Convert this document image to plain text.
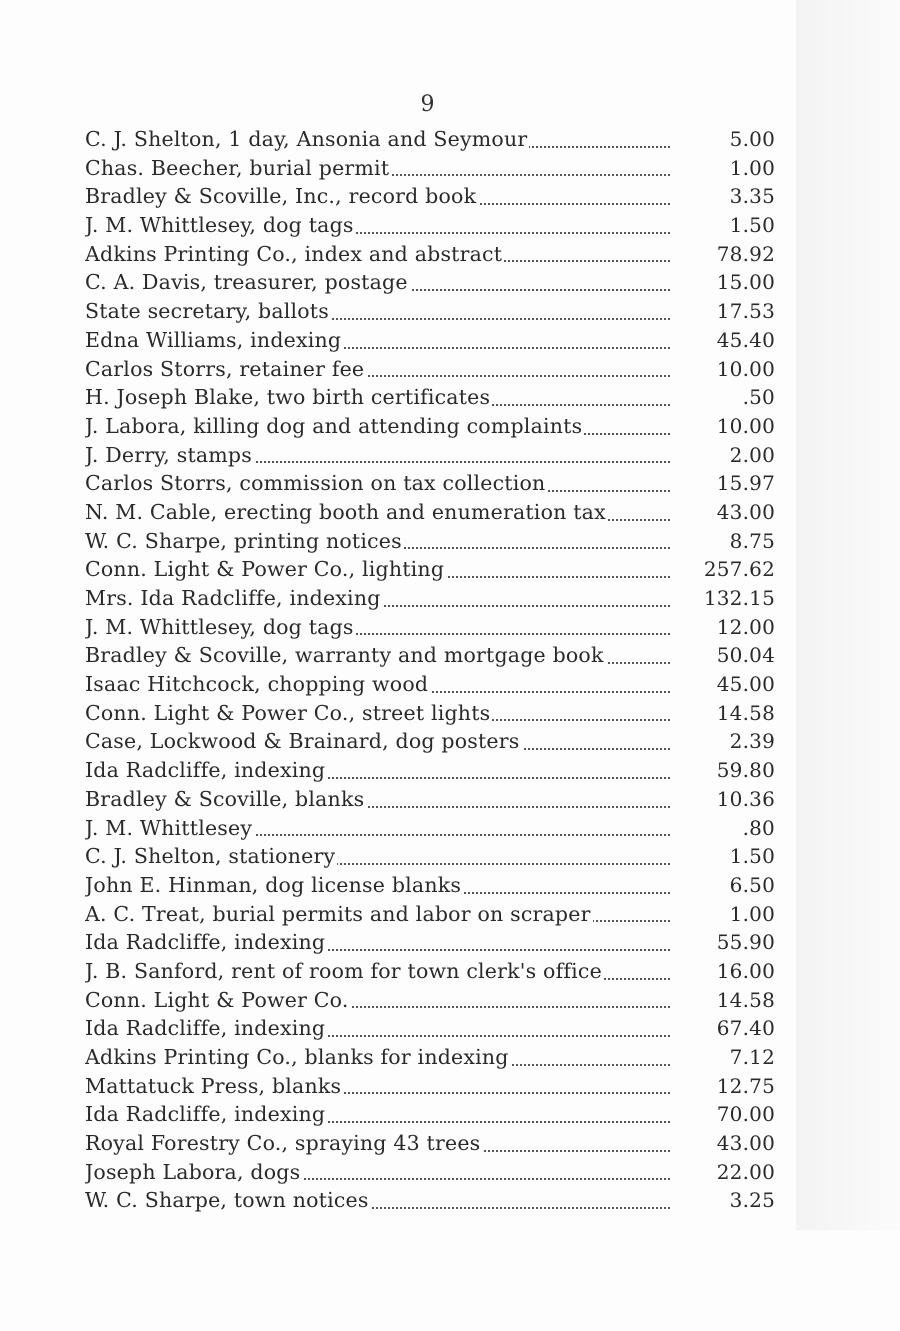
9
C. J. Shelton, 1 day, Ansonia and Seymour	5.00
Chas. Beecher, burial permit	1.00
Bradley & Scoville, Inc., record book	3.35
J. M. Whittlesey, dog tags	1.50
Adkins Printing Co., index and abstract	78.92
C. A. Davis, treasurer, postage	15.00
State secretary, ballots	17.53
Edna Williams, indexing	45.40
Carlos Storrs, retainer fee	10.00
H. Joseph Blake, two birth certificates	.50
J. Labora, killing dog and attending complaints	10.00
J. Derry, stamps	2.00
Carlos Storrs, commission on tax collection	15.97
N. M. Cable, erecting booth and enumeration tax	43.00
W. C. Sharpe, printing notices	8.75
Conn. Light & Power Co., lighting	257.62
Mrs. Ida Radcliffe, indexing	132.15
J. M. Whittlesey, dog tags	12.00
Bradley & Scoville, warranty and mortgage book	50.04
Isaac Hitchcock, chopping wood	45.00
Conn. Light & Power Co., street lights	14.58
Case, Lockwood & Brainard, dog posters	2.39
Ida Radcliffe, indexing	59.80
Bradley & Scoville, blanks	10.36
J. M. Whittlesey	.80
C. J. Shelton, stationery	1.50
John E. Hinman, dog license blanks	6.50
A. C. Treat, burial permits and labor on scraper	1.00
Ida Radcliffe, indexing	55.90
J. B. Sanford, rent of room for town clerk's office	16.00
Conn. Light & Power Co.	14.58
Ida Radcliffe, indexing	67.40
Adkins Printing Co., blanks for indexing	7.12
Mattatuck Press, blanks	12.75
Ida Radcliffe, indexing	70.00
Royal Forestry Co., spraying 43 trees	43.00
Joseph Labora, dogs	22.00
W. C. Sharpe, town notices	3.25
